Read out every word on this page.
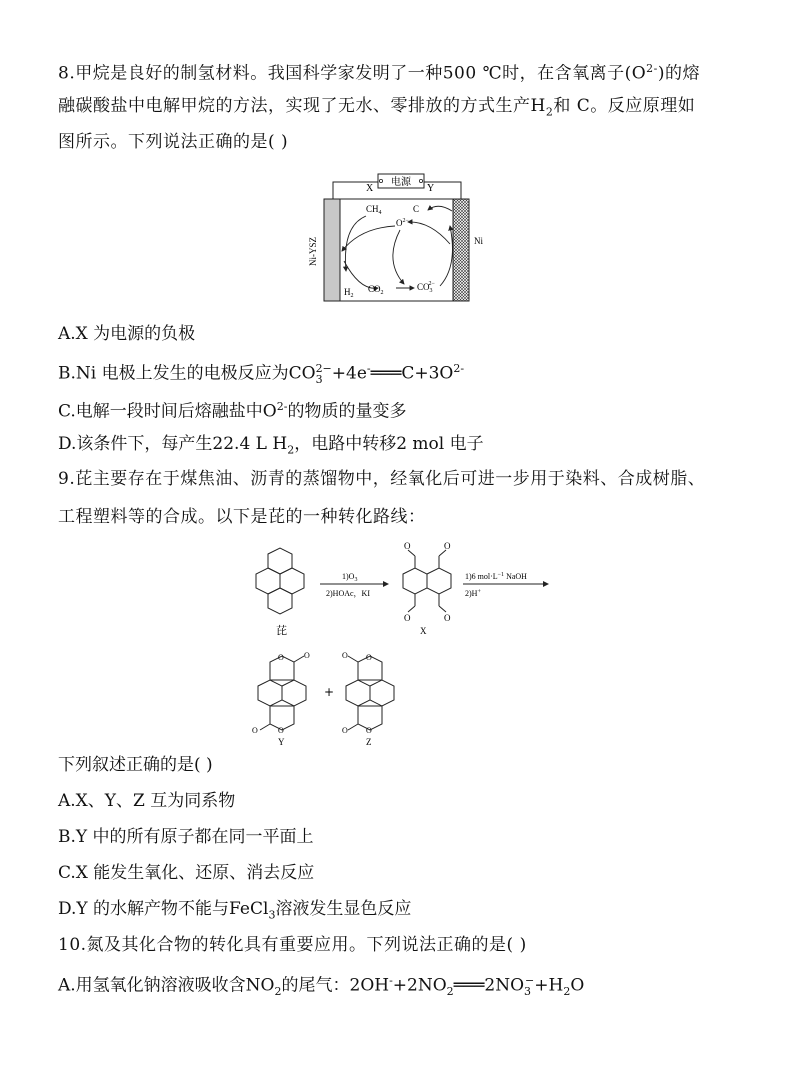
8.甲烷是良好的制氢材料。我国科学家发明了一种500 ℃时，在含氧离子$(O^{2-})$的熔
融碳酸盐中电解甲烷的方法，实现了无水、零排放的方式生产$H_2$和 C。反应原理如
图所示。下列说法正确的是( )
电源
X	Y
Ni-YSZ	Ni
$CH_4$	C
$O^{2-}$
$H_2$
$CO_2$
$CO_32-$
A.X 为电源的负极
B.Ni 电极上发生的电极反应为$CO_3^{2-}+4e^-═══C+3O^{2-}$
C.电解一段时间后熔融盐中$O^{2-}$的物质的量变多
D.该条件下，每产生22.4 L $H_2$，电路中转移2 mol 电子
9.芘主要存在于煤焦油、沥青的蒸馏物中，经氧化后可进一步用于染料、合成树脂、
工程塑料等的合成。以下是芘的一种转化路线：
芘
$1)O_3$
2)HOAc，KI
O	O
O	O
X
1)6 $mol\cdot L^{-1}$ NaOH
2)H+
O	O
O
O
Y
+
O O
O O
Z
下列叙述正确的是( )
A.X、Y、Z 互为同系物
B.Y 中的所有原子都在同一平面上
C.X 能发生氧化、还原、消去反应
D.Y 的水解产物不能与FeCl$_3$溶液发生显色反应
10.氮及其化合物的转化具有重要应用。下列说法正确的是( )
A.用氢氧化钠溶液吸收含$NO_2$的尾气：$2OH^-+2NO_2═══2NO_3^-+H_2O$
